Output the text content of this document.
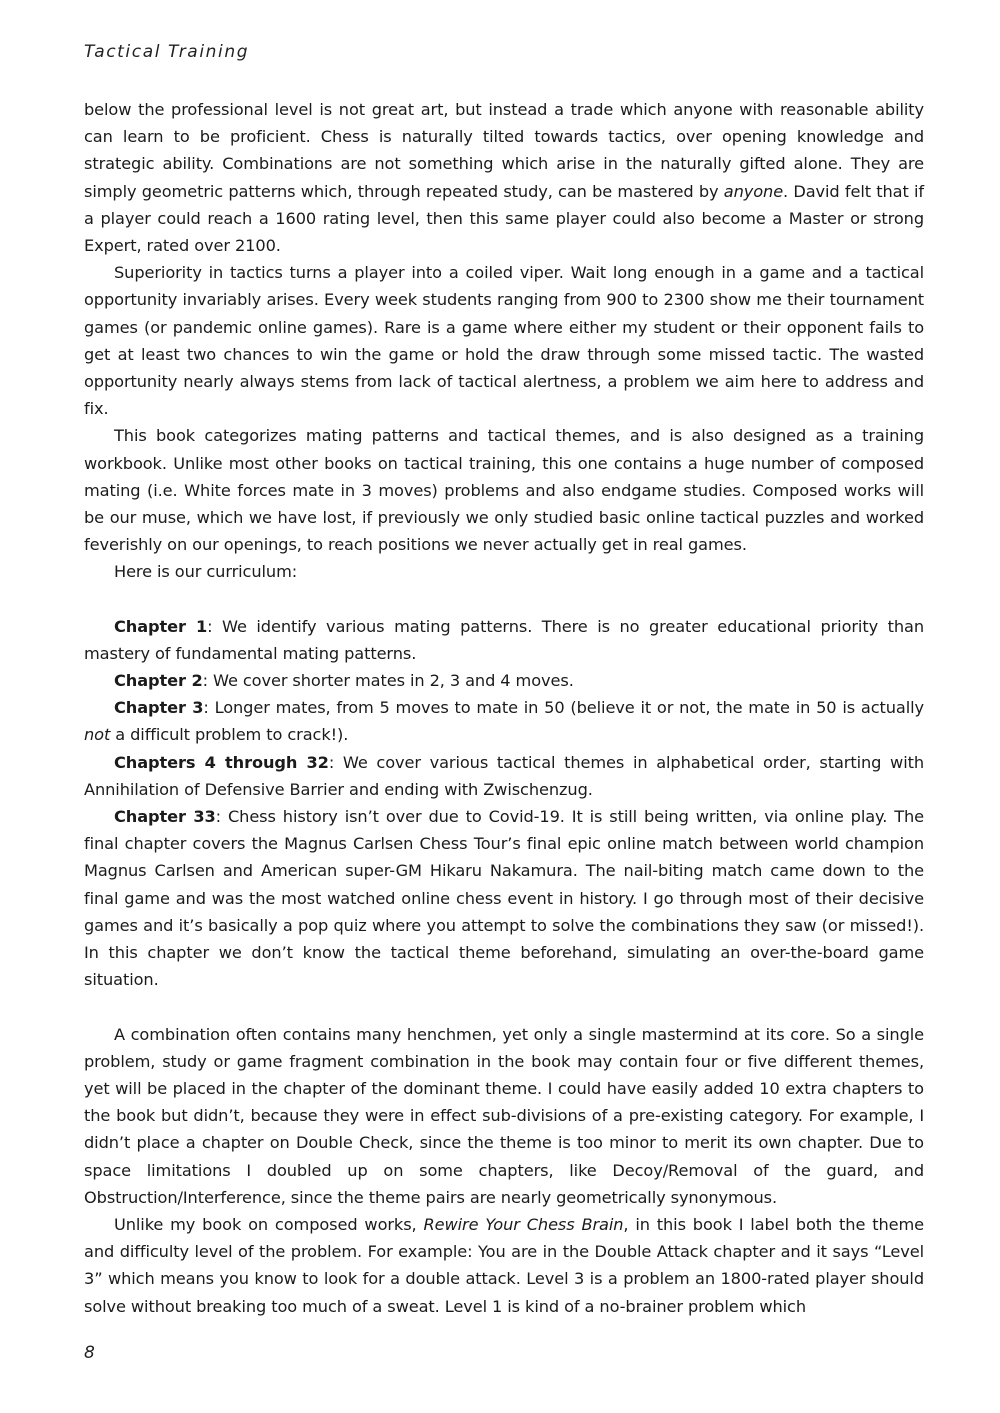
Tactical Training

below the professional level is not great art, but instead a trade which anyone with reasonable ability can learn to be proficient. Chess is naturally tilted towards tactics, over opening knowledge and strategic ability. Combinations are not something which arise in the naturally gifted alone. They are simply geometric patterns which, through repeated study, can be mastered by anyone. David felt that if a player could reach a 1600 rating level, then this same player could also become a Master or strong Expert, rated over 2100.

Superiority in tactics turns a player into a coiled viper. Wait long enough in a game and a tactical opportunity invariably arises. Every week students ranging from 900 to 2300 show me their tournament games (or pandemic online games). Rare is a game where either my student or their opponent fails to get at least two chances to win the game or hold the draw through some missed tactic. The wasted opportunity nearly always stems from lack of tactical alertness, a problem we aim here to address and fix.

This book categorizes mating patterns and tactical themes, and is also designed as a training workbook. Unlike most other books on tactical training, this one contains a huge number of composed mating (i.e. White forces mate in 3 moves) problems and also endgame studies. Composed works will be our muse, which we have lost, if previously we only studied basic online tactical puzzles and worked feverishly on our openings, to reach positions we never actually get in real games.

Here is our curriculum:

Chapter 1: We identify various mating patterns. There is no greater educational priority than mastery of fundamental mating patterns.

Chapter 2: We cover shorter mates in 2, 3 and 4 moves.

Chapter 3: Longer mates, from 5 moves to mate in 50 (believe it or not, the mate in 50 is actually not a difficult problem to crack!).

Chapters 4 through 32: We cover various tactical themes in alphabetical order, starting with Annihilation of Defensive Barrier and ending with Zwischenzug.

Chapter 33: Chess history isn’t over due to Covid-19. It is still being written, via online play. The final chapter covers the Magnus Carlsen Chess Tour’s final epic online match between world champion Magnus Carlsen and American super-GM Hikaru Nakamura. The nail-biting match came down to the final game and was the most watched online chess event in history. I go through most of their decisive games and it’s basically a pop quiz where you attempt to solve the combinations they saw (or missed!). In this chapter we don’t know the tactical theme beforehand, simulating an over-the-board game situation.

A combination often contains many henchmen, yet only a single mastermind at its core. So a single problem, study or game fragment combination in the book may contain four or five different themes, yet will be placed in the chapter of the dominant theme. I could have easily added 10 extra chapters to the book but didn’t, because they were in effect sub-divisions of a pre-existing category. For example, I didn’t place a chapter on Double Check, since the theme is too minor to merit its own chapter. Due to space limitations I doubled up on some chapters, like Decoy/Removal of the guard, and Obstruction/Interference, since the theme pairs are nearly geometrically synonymous.

Unlike my book on composed works, Rewire Your Chess Brain, in this book I label both the theme and difficulty level of the problem. For example: You are in the Double Attack chapter and it says “Level 3” which means you know to look for a double attack. Level 3 is a problem an 1800-rated player should solve without breaking too much of a sweat. Level 1 is kind of a no-brainer problem which

8
